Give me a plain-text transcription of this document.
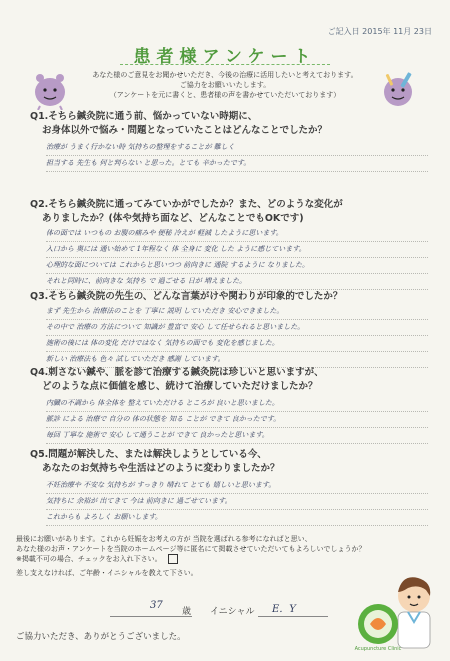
ご記入日 2015年 11月 23日
患者様アンケート
あなた様のご意見をお聞かせいただき、今後の治療に活用したいと考えております。
ご協力をお願いいたします。
（アンケートを元に書くと、患者様の声を書かせていただいております）
Q1.そちら鍼灸院に通う前、悩かっていない時期に、
お身体以外で悩み・問題となっていたことはどんなことでしたか？
治療が うまく行かない時 気持ちの整理をすることが 難しく
担当する 先生も 何と判らない と思った。とても 辛かったです。
Q2.そちら鍼灸院に通ってみていかがでしたか？また、どのような変化が
ありましたか？(体や気持ち面など、どんなことでもOKです)
体の面では いつもの お腹の痛みや 便秘 冷えが 軽減 したように思います。
入口から 奥には 通い始めて 1年程なく 体 全身に 変化 した ように感じています。
心理的な面については これからと思いつつ 前向きに 通院 するように なりました。
それと同時に、前向きな 気持ち で 過ごせる 日が 増えました。
Q3.そちら鍼灸院の先生の、どんな言葉がけや関わりが印象的でしたか？
まず 先生から 治療法のことを 丁寧に 説明 していただき 安心できました。
その中で 治療の 方法について 知識が 豊富で 安心 して任せられると思いました。
施術の後には 体の変化 だけではなく 気持ちの面でも 変化を感じました。
新しい 治療法も 色々 試していただき 感謝 しています。
Q4.刺さない鍼や、脈を診て治療する鍼灸院は珍しいと思いますが、
どのような点に価値を感じ、続けて治療していただけましたか？
内臓の不調から 体全体を 整えていただける ところが 良いと思いました。
脈診 による 治療で 自分の 体の状態を 知る ことが できて 良かったです。
毎回 丁寧な 施術で 安心 して通うことが できて 良かったと思います。
Q5.問題が解決した、または解決しようとしている今、
あなたのお気持ちや生活はどのように変わりましたか？
不妊治療や 不安な 気持ちが すっきり 晴れて とても 嬉しいと思います。
気持ちに 余裕が 出てきて 今は 前向きに 過ごせています。
これからも よろしく お願いします。
最後にお願いがあります。これから妊娠をお考えの方が 当院を選ばれる参考になればと思い、
あなた様のお声・アンケートを当院のホームページ等に匿名にて掲載させていただいてもよろしいでしょうか？
※掲載不可の場合、チェックをお入れ下さい。
差し支えなければ、ご年齢・イニシャルを教えて下さい。
37
歳 イニシャル E．Y
ご協力いただき、ありがとうございました。
Acupuncture Clinic
